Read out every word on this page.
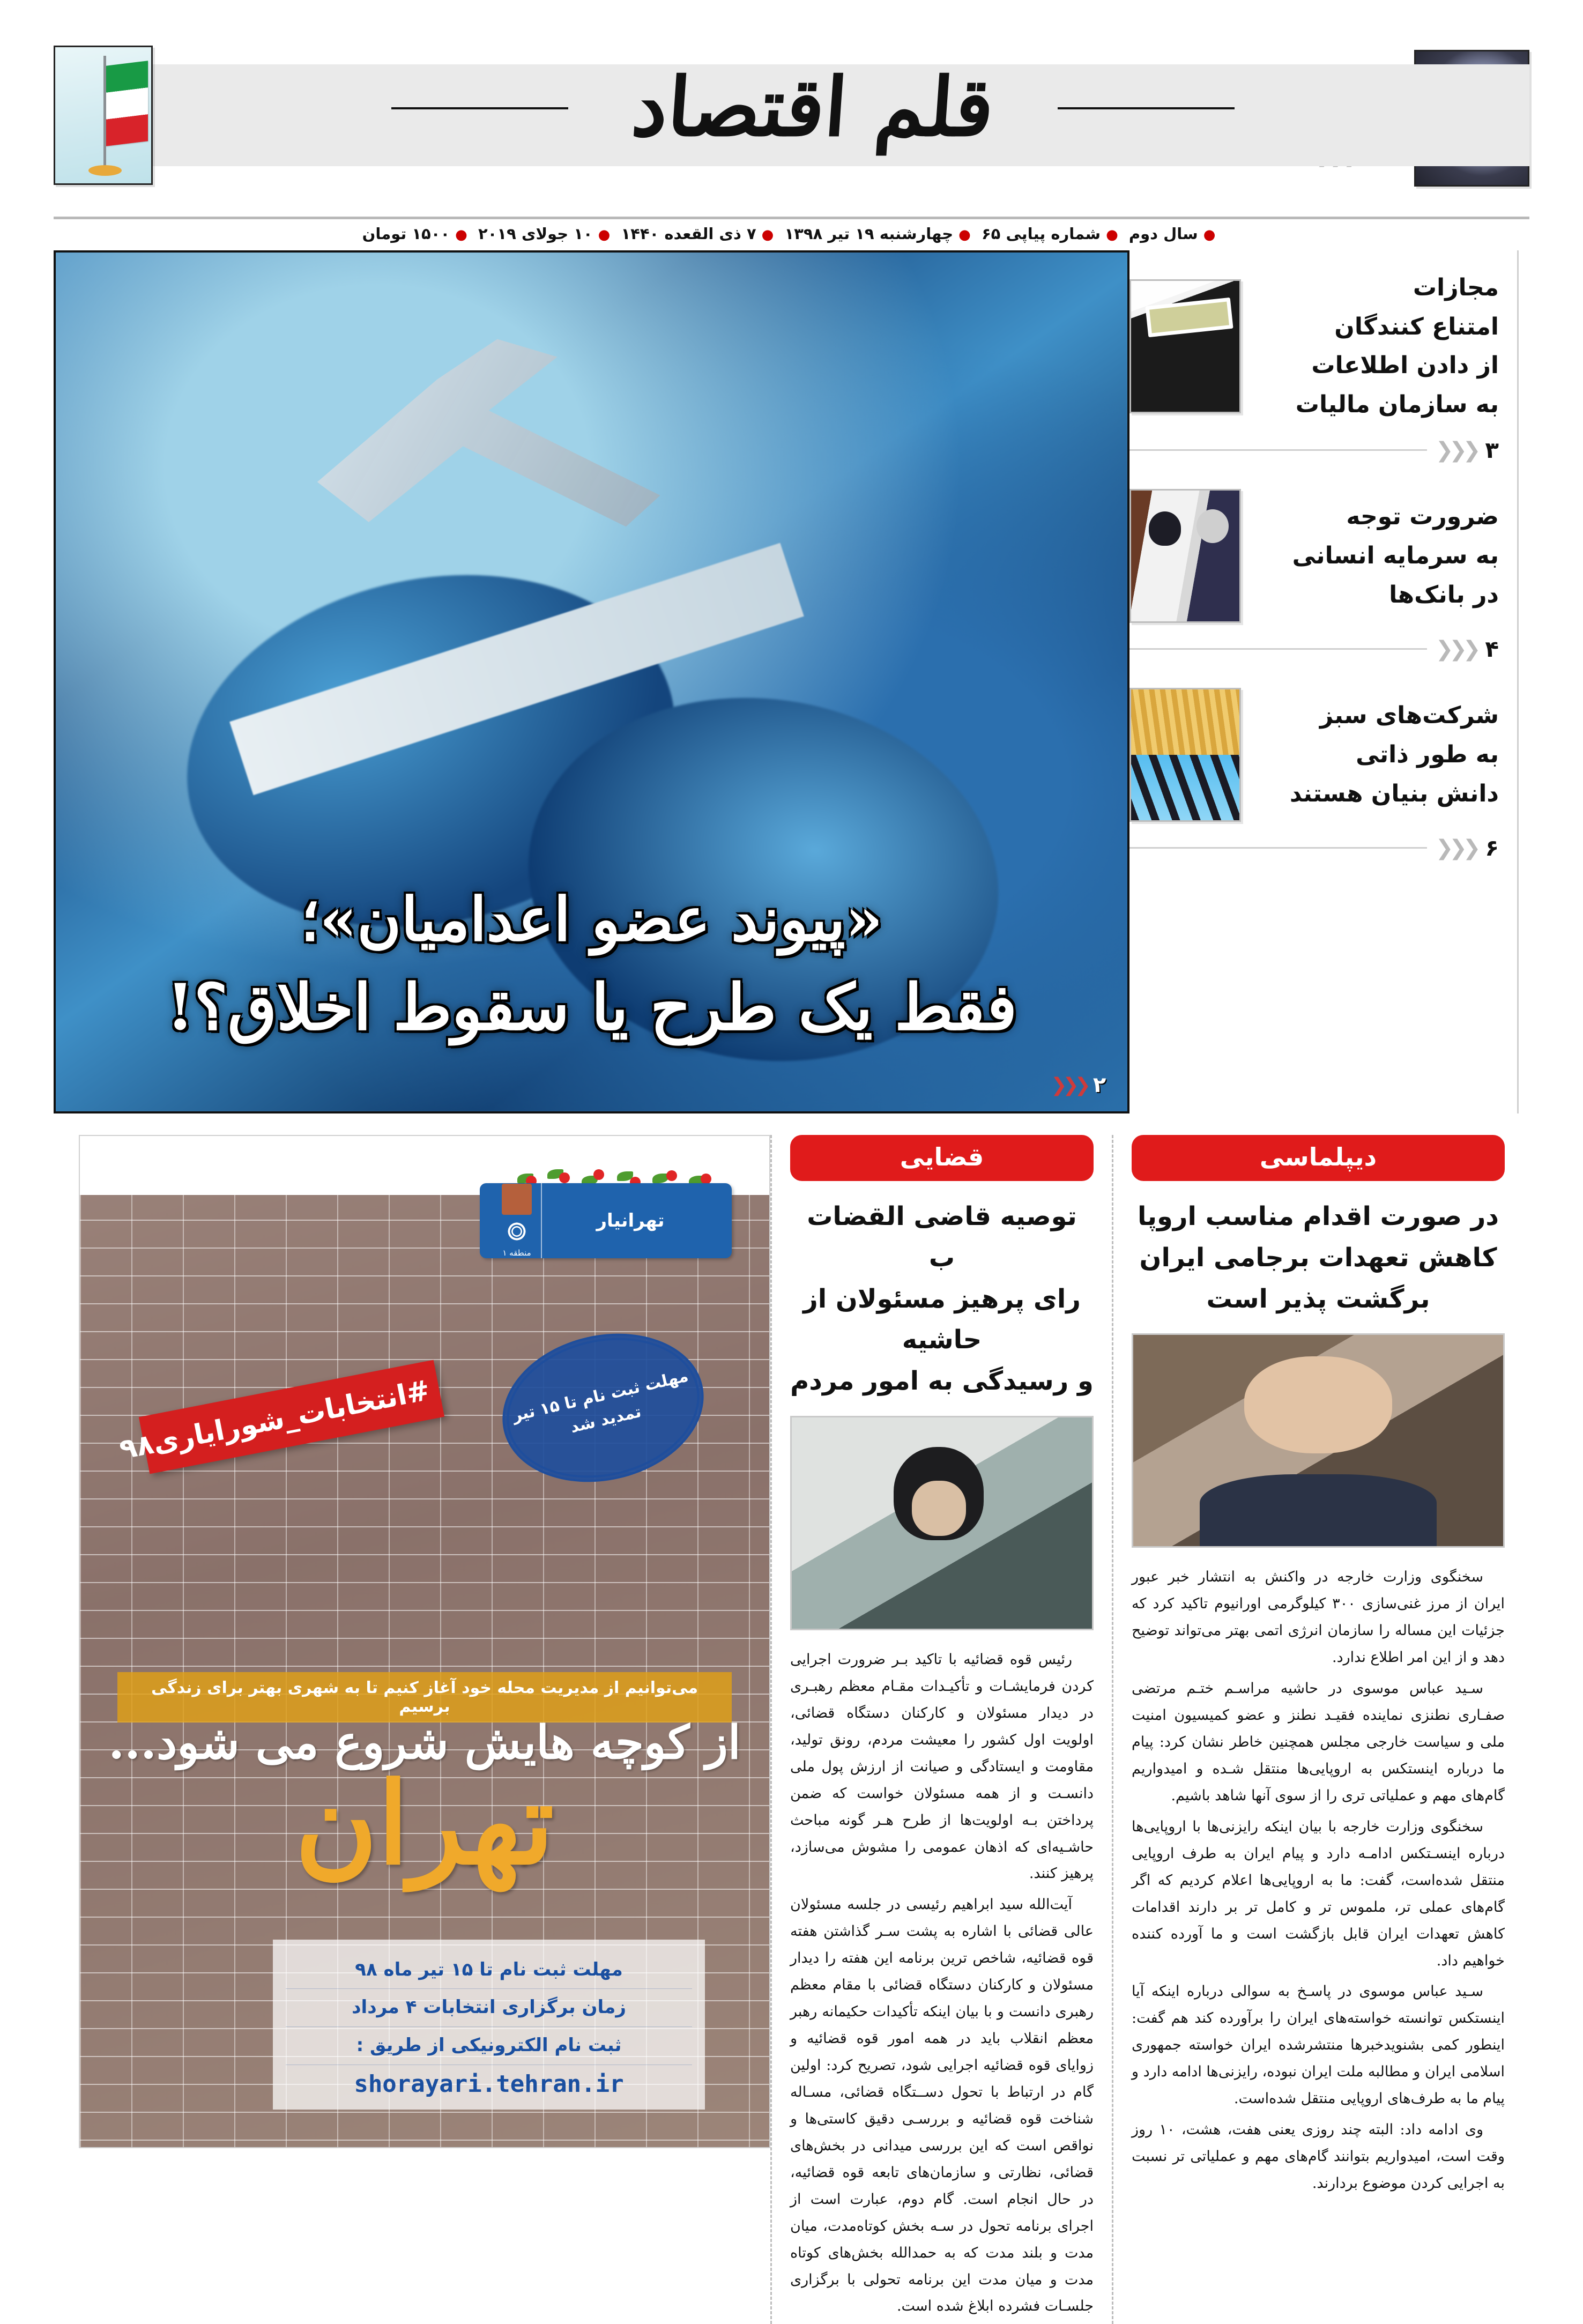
قلم اقتصاد
●سال دوم ●شماره پیاپی ۶۵ ●چهارشنبه ۱۹ تیر ۱۳۹۸ ●۷ ذی القعده ۱۴۴۰ ●۱۰ جولای ۲۰۱۹ ●۱۵۰۰ تومان
مجازات
امتناع کنندگان
از دادن اطلاعات
به سازمان مالیات
۳
❮❮❮
ضرورت توجه
به سرمایه انسانی
در بانک‌ها
۴
❮❮❮
شرکت‌های سبز
به طور ذاتی
دانش بنیان هستند
۶
❮❮❮
«پیوند عضو اعدامیان»؛
فقط یک طرح یا سقوط اخلاق؟!
۲
❮❮❮
دیپلماسی
در صورت اقدام مناسب اروپا
کاهش تعهدات برجامی ایران
برگشت پذیر است

سخنگوی وزارت خارجه در واکنش به انتشار خبر عبور ایران از مرز غنی‌سازی ۳۰۰ کیلوگرمی اورانیوم تاکید کرد که جزئیات این مساله را سازمان انرژی اتمی بهتر می‌تواند توضیح دهد و از این امر اطلاع ندارد.

سـید عباس موسوی در حاشیه مراسـم ختـم مرتضی صفـاری نطنزی نماینده فقیـد نطنز و عضو کمیسیون امنیت ملی و سیاست خارجی مجلس همچنین خاطر نشان کرد: پیام ما درباره اینستکس به اروپایی‌ها منتقل شـده و امیدواریم گام‌های مهم و عملیاتی تری را از سوی آنها شاهد باشیم.

سخنگوی وزارت خارجه با بیان اینکه رایزنی‌ها با اروپایی‌ها درباره اینسـتکس ادامـه دارد و پیام ایران به طرف اروپایی منتقل شده‌است، گفت: ما به اروپایی‌ها اعلام کردیم که اگر گام‌های عملی تر، ملموس تر و کامل تر بر دارند اقدامات کاهش تعهدات ایران قابل بازگشت است و ما آورده کننده خواهیم داد.

سـید عباس موسوی در پاسـخ به سوالی درباره اینکه آیا اینستکس توانسته خواسته‌های ایران را برآورده کند هم گفت: اینطور کمی بشنویدخبرها منتشرشده ایران خواسته جمهوری اسلامی ایران و مطالبه ملت ایران نبوده، رایزنی‌ها ادامه دارد و پیام ما به طرف‌های اروپایی منتقل شده‌است.

وی ادامه داد: البته چند روزی یعنی هفت، هشت، ۱۰ روز وقت است، امیدواریم بتوانند گام‌های مهم و عملیاتی تر نسبت به اجرایی کردن موضوع بردارند.

قضایی
توصیه قاضی القضات ب
رای پرهیز مسئولان از حاشیه
و رسیدگی به امور مردم

رئیس قوه قضائیه با تاکید بـر ضرورت اجرایی کردن فرمایشـات و تأکیـدات مقـام معظم رهبـری در دیدار مسئولان و کارکنان دستگاه قضائی، اولویت اول کشور را معیشت مردم، رونق تولید، مقاومت و ایستادگی و صیانت از ارزش پول ملی دانسـت و از همه مسئولان خواست که ضمن پرداختن بـه اولویت‌ها از طرح هـر گونه مباحث حاشـیه‌ای که اذهان عمومی را مشوش می‌سازد، پرهیز کنند.

آیت‌الله سید ابراهیم رئیسی در جلسه مسئولان عالی قضائی با اشاره به پشت سـر گذاشتن هفته قوه قضائیه، شاخص ترین برنامه این هفته را دیدار مسئولان و کارکنان دستگاه قضائی با مقام معظم رهبری دانست و با بیان اینکه تأکیدات حکیمانه رهبر معظم انقلاب باید در همه امور قوه قضائیه و زوایای قوه قضائیه اجرایی شود، تصریح کرد: اولین گام در ارتباط با تحول دســتگاه قضائی، مسـاله شناخت قوه قضائیه و بررسـی دقیق کاستی‌ها و نواقص است که این بررسی میدانی در بخش‌های قضائی، نظارتی و سازمان‌های تابعه قوه قضائیه، در حال انجام است. گام دوم، عبارت است از اجرای برنامه تحول در سـه بخش کوتاه‌مدت، میان مدت و بلند مدت که به حمدالله بخش‌های کوتاه مدت و میان مدت این برنامه تحولی با برگزاری جلسـات فشرده ابلاغ شده است.

تهرانیار
منطقه ۱
مهلت ثبت نام تا ۱۵ تیر تمدید شد
#انتخابات_شورایاری۹۸
می‌توانیم از مدیریت محله خود آغاز کنیم تا به شهری بهتر برای زندگی برسیم
از کوچه هایش شروع می شود...
تهران
مهلت ثبت نام تا ۱۵ تیر ماه ۹۸
زمان برگزاری انتخابات ۴ مرداد
ثبت نام الکترونیکی از طریق :
shorayari.tehran.ir
